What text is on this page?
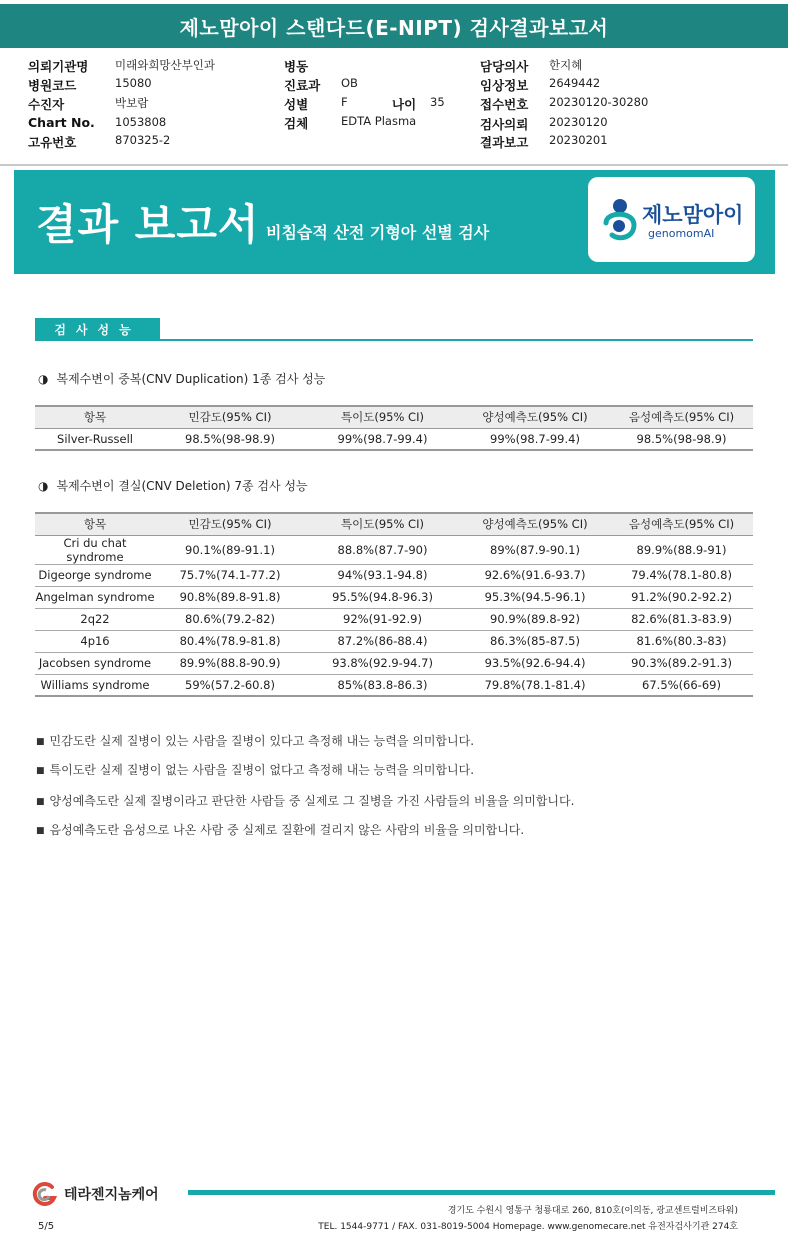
제노맘아이 스탠다드(E-NIPT) 검사결과보고서
의뢰기관명 미래와희망산부인과
병원코드	15080
수진자	박보람
Chart No. 1053808
고유번호	870325-2
병동
진료과 OB
성별	F	나이 35
검체	EDTA Plasma
담당의사 한지혜
임상정보 2649442
접수번호 20230120-30280
검사의뢰 20230120
결과보고 20230201
결과 보고서 비침습적 산전 기형아 선별 검사
제노맘아이
genomomAI
검사성능
◑ 복제수변이 중복(CNV Duplication) 1종 검사 성능
항목	민감도(95% CI)	특이도(95% CI)	양성예측도(95% CI)	음성예측도(95% CI)
Silver-Russell	98.5%(98-98.9)	99%(98.7-99.4)	99%(98.7-99.4)	98.5%(98-98.9)
◑ 복제수변이 결실(CNV Deletion) 7종 검사 성능
항목	민감도(95% CI)	특이도(95% CI)	양성예측도(95% CI)	음성예측도(95% CI)
Cri du chat syndrome	90.1%(89-91.1)	88.8%(87.7-90)	89%(87.9-90.1)	89.9%(88.9-91)
Digeorge syndrome	75.7%(74.1-77.2)	94%(93.1-94.8)	92.6%(91.6-93.7)	79.4%(78.1-80.8)
Angelman syndrome	90.8%(89.8-91.8)	95.5%(94.8-96.3)	95.3%(94.5-96.1)	91.2%(90.2-92.2)
2q22	80.6%(79.2-82)	92%(91-92.9)	90.9%(89.8-92)	82.6%(81.3-83.9)
4p16	80.4%(78.9-81.8)	87.2%(86-88.4)	86.3%(85-87.5)	81.6%(80.3-83)
Jacobsen syndrome	89.9%(88.8-90.9)	93.8%(92.9-94.7)	93.5%(92.6-94.4)	90.3%(89.2-91.3)
Williams syndrome	59%(57.2-60.8)	85%(83.8-86.3)	79.8%(78.1-81.4)	67.5%(66-69)
■ 민감도란 실제 질병이 있는 사람을 질병이 있다고 측정해 내는 능력을 의미합니다.
■ 특이도란 실제 질병이 없는 사람을 질병이 없다고 측정해 내는 능력을 의미합니다.
■ 양성예측도란 실제 질병이라고 판단한 사람들 중 실제로 그 질병을 가진 사람들의 비율을 의미합니다.
■ 음성예측도란 음성으로 나온 사람 중 실제로 질환에 걸리지 않은 사람의 비율을 의미합니다.
테라젠지놈케어
경기도 수원시 영통구 청룡대로 260, 810호(이의동, 광교센트럴비즈타워)
TEL. 1544-9771 / FAX. 031-8019-5004 Homepage. www.genomecare.net 유전자검사기관 274호
5/5
